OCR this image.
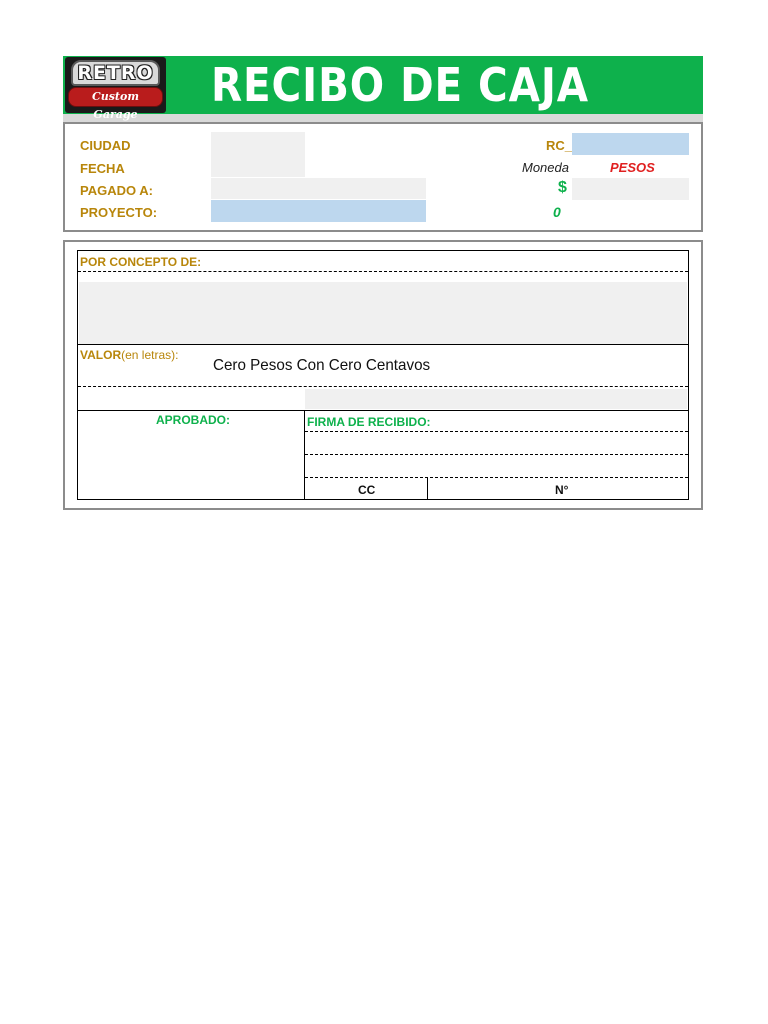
RETRO
Custom Garage
RECIBO DE CAJA
CIUDAD
FECHA
PAGADO A:
PROYECTO:
RC_
Moneda	PESOS
$
0
POR CONCEPTO DE:
VALOR(en letras):
Cero Pesos Con Cero Centavos
APROBADO:	FIRMA DE RECIBIDO:
CC	N°
